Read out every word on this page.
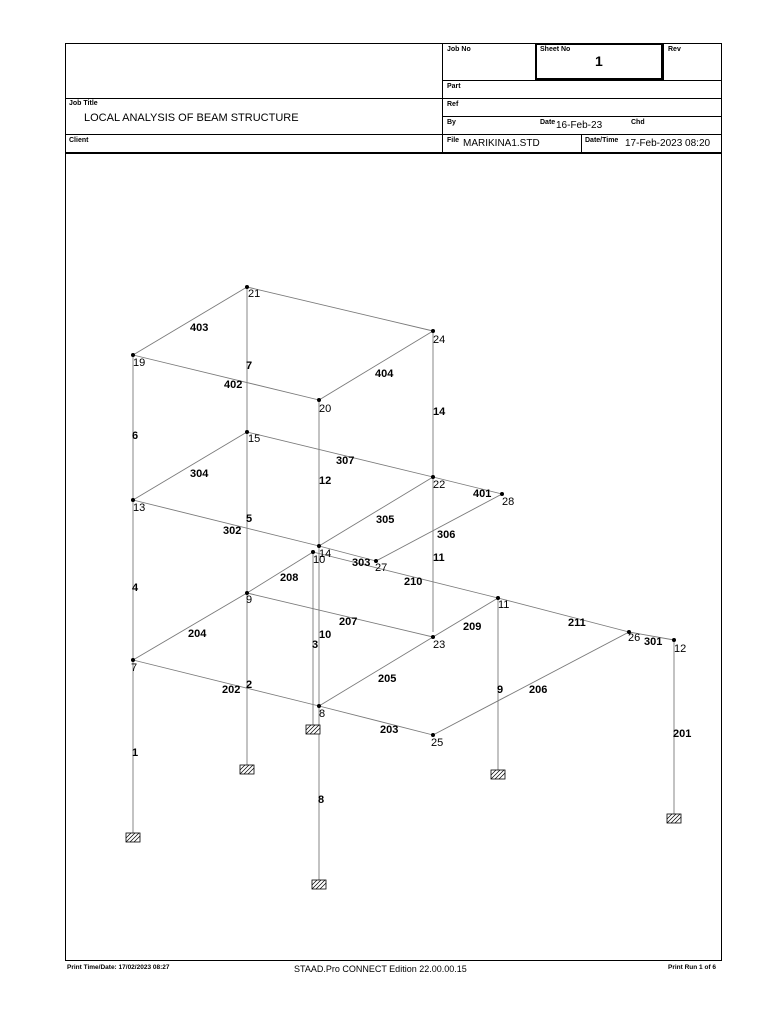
Job No	Sheet No
1
Rev
Part
Job Title
LOCAL ANALYSIS OF BEAM STRUCTURE
Ref
By	Date 16-Feb-23	Chd
Client	File MARIKINA1.STD	Date/Time 17-Feb-2023 08:20
19
21
20
24
13
15
14
22
28
27
10
7
9
8
23
25
11
26
12
1
2
3
4
5
6
7
8
9
10
11
12
14
201
202
203
204
205
206
207
208
209
210
211
301
302
303
304
305
306
307
401
402
403
404
Print Time/Date: 17/02/2023 08:27	STAAD.Pro CONNECT Edition 22.00.00.15	Print Run 1 of 6
